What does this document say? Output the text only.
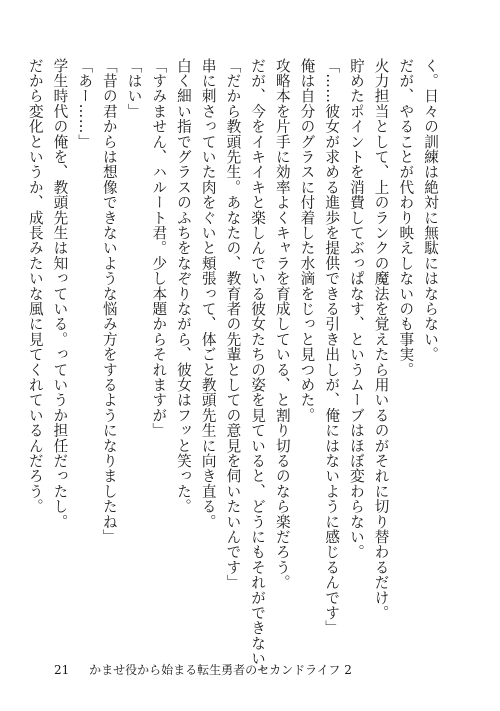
く。日々の訓練は絶対に無駄にはならない。

だが、やることが代わり映えしないのも事実。

火力担当として、上のランクの魔法を覚えたら用いるのがそれに切り替わるだけ。

貯めたポイントを消費してぶっぱなす、というムーブはほぼ変わらない。

「……彼女が求める進歩を提供できる引き出しが、俺にはないように感じるんです」

俺は自分のグラスに付着した水滴をじっと見つめた。

攻略本を片手に効率よくキャラを育成している、と割り切るのなら楽だろう。

だが、今をイキイキと楽しんでいる彼女たちの姿を見ていると、どうにもそれができない。

「だから教頭先生。あなたの、教育者の先輩としての意見を伺いたいんです」

串に刺さっていた肉をぐいと頬張って、体ごと教頭先生に向き直る。

白く細い指でグラスのふちをなぞりながら、彼女はフッと笑った。

「すみません、ハルート君。少し本題からそれますが」

「はい」

「昔の君からは想像できないような悩み方をするようになりましたね」

「あー……」

学生時代の俺を、教頭先生は知っている。っていうか担任だったし。

だから変化というか、成長みたいな風に見てくれているんだろう。

21 かませ役から始まる転生勇者のセカンドライフ 2
